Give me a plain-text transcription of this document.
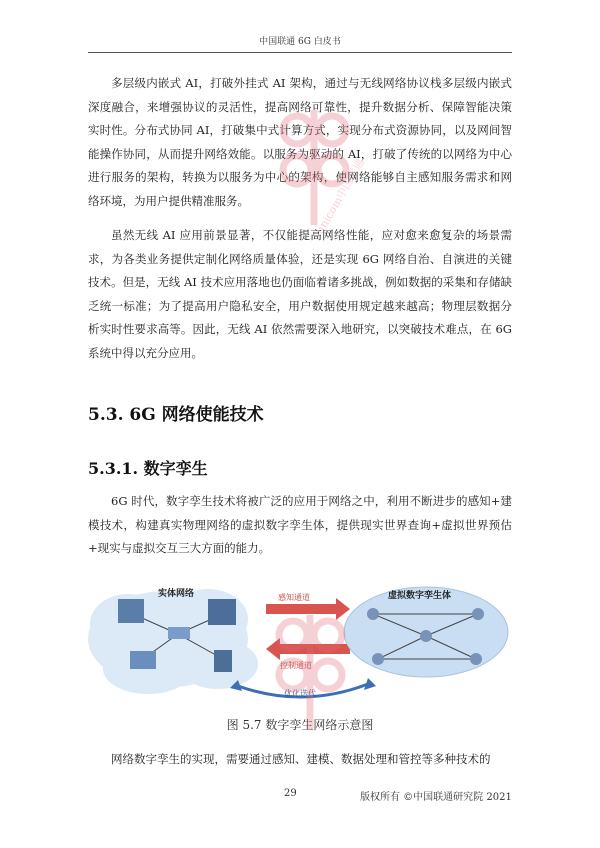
中国联通 6G 白皮书

多层级内嵌式 AI，打破外挂式 AI 架构，通过与无线网络协议栈多层级内嵌式深度融合，来增强协议的灵活性，提高网络可靠性，提升数据分析、保障智能决策实时性。分布式协同 AI，打破集中式计算方式，实现分布式资源协同，以及网间智能操作协同，从而提升网络效能。以服务为驱动的 AI，打破了传统的以网络为中心进行服务的架构，转换为以服务为中心的架构，使网络能够自主感知服务需求和网络环境，为用户提供精准服务。

虽然无线 AI 应用前景显著，不仅能提高网络性能，应对愈来愈复杂的场景需求，为各类业务提供定制化网络质量体验，还是实现 6G 网络自治、自演进的关键技术。但是，无线 AI 技术应用落地也仍面临着诸多挑战，例如数据的采集和存储缺乏统一标准；为了提高用户隐私安全，用户数据使用规定越来越高；物理层数据分析实时性要求高等。因此，无线 AI 依然需要深入地研究，以突破技术难点，在 6G 系统中得以充分应用。

5.3. 6G 网络使能技术
5.3.1. 数字孪生

6G 时代，数字孪生技术将被广泛的应用于网络之中，利用不断进步的感知+建模技术，构建真实物理网络的虚拟数字孪生体，提供现实世界查询+虚拟世界预估+现实与虚拟交互三大方面的能力。

实体网络	感知通道
控制通道
虚拟数字孪生体
优化迭代
图 5.7 数字孪生网络示意图

网络数字孪生的实现，需要通过感知、建模、数据处理和管控等多种技术的

29	版权所有 ©中国联通研究院 2021
unicom中国联通
